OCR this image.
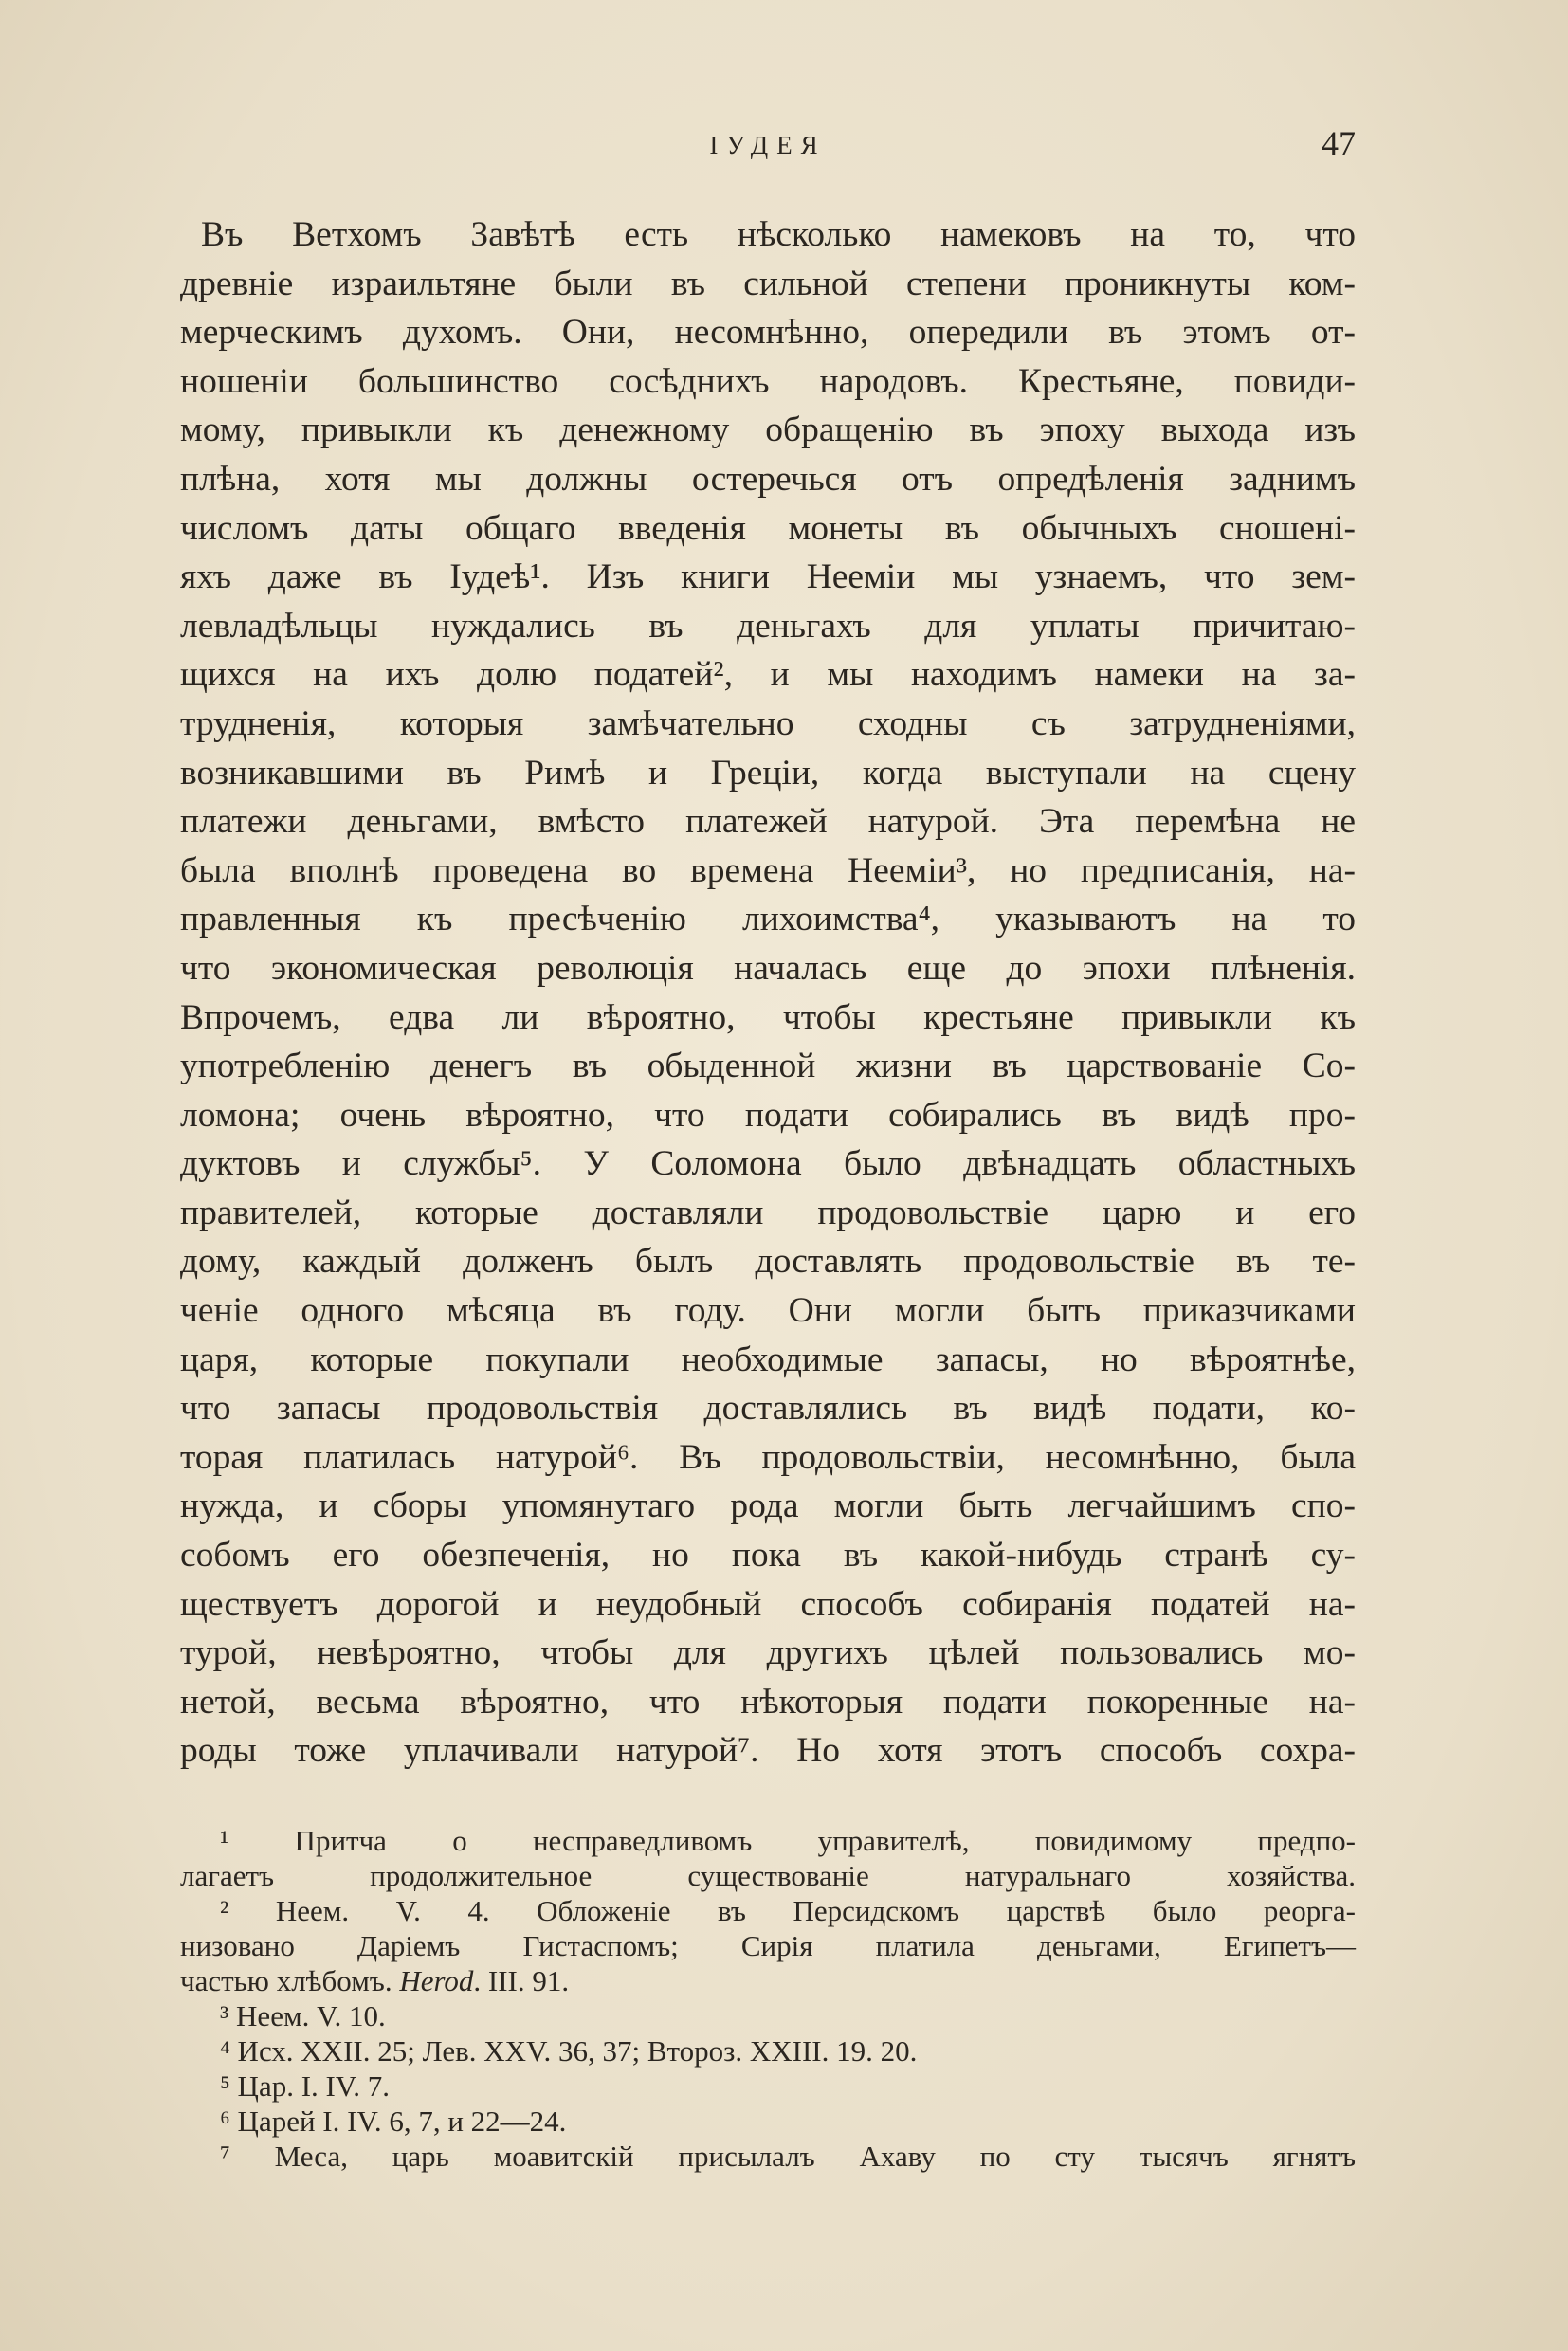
ІУДЕЯ	47
Въ Ветхомъ Завѣтѣ есть нѣсколько намековъ на то, что
древніе израильтяне были въ сильной степени проникнуты ком-
мерческимъ духомъ. Они, несомнѣнно, опередили въ этомъ от-
ношеніи большинство сосѣднихъ народовъ. Крестьяне, повиди-
мому, привыкли къ денежному обращенію въ эпоху выхода изъ
плѣна, хотя мы должны остеречься отъ опредѣленія заднимъ
числомъ даты общаго введенія монеты въ обычныхъ сношені-
яхъ даже въ Іудеѣ¹. Изъ книги Неемiи мы узнаемъ, что зем-
левладѣльцы нуждались въ деньгахъ для уплаты причитаю-
щихся на ихъ долю податей², и мы находимъ намеки на за-
трудненія, которыя замѣчательно сходны съ затрудненіями,
возникавшими въ Римѣ и Греціи, когда выступали на сцену
платежи деньгами, вмѣсто платежей натурой. Эта перемѣна не
была вполнѣ проведена во времена Неемiи³, но предписанія, на-
правленныя къ пресѣченію лихоимства⁴, указываютъ на то
что экономическая революція началась еще до эпохи плѣненія.
Впрочемъ, едва ли вѣроятно, чтобы крестьяне привыкли къ
употребленію денегъ въ обыденной жизни въ царствованіе Со-
ломона; очень вѣроятно, что подати собирались въ видѣ про-
дуктовъ и службы⁵. У Соломона было двѣнадцать областныхъ
правителей, которые доставляли продовольствіе царю и его
дому, каждый долженъ былъ доставлять продовольствіе въ те-
ченіе одного мѣсяца въ году. Они могли быть приказчиками
царя, которые покупали необходимые запасы, но вѣроятнѣе,
что запасы продовольствія доставлялись въ видѣ подати, ко-
торая платилась натурой⁶. Въ продовольствіи, несомнѣнно, была
нужда, и сборы упомянутаго рода могли быть легчайшимъ спо-
собомъ его обезпеченія, но пока въ какой-нибудь странѣ су-
ществуетъ дорогой и неудобный способъ собиранія податей на-
турой, невѣроятно, чтобы для другихъ цѣлей пользовались мо-
нетой, весьма вѣроятно, что нѣкоторыя подати покоренные на-
роды тоже уплачивали натурой⁷. Но хотя этотъ способъ сохра-
¹ Притча о несправедливомъ управителѣ, повидимому предпо-
лагаетъ продолжительное существованіе натуральнаго хозяйства.
² Неем. V. 4. Обложеніе въ Персидскомъ царствѣ было реорга-
низовано Даріемъ Гистаспомъ; Сирія платила деньгами, Египетъ—
частью хлѣбомъ. Herod. III. 91.
³ Неем. V. 10.
⁴ Исх. XXII. 25; Лев. XXV. 36, 37; Второз. XXIII. 19. 20.
⁵ Цар. I. IV. 7.
⁶ Царей I. IV. 6, 7, и 22—24.
⁷ Меса, царь моавитскій присылалъ Ахаву по сту тысячъ ягнятъ
